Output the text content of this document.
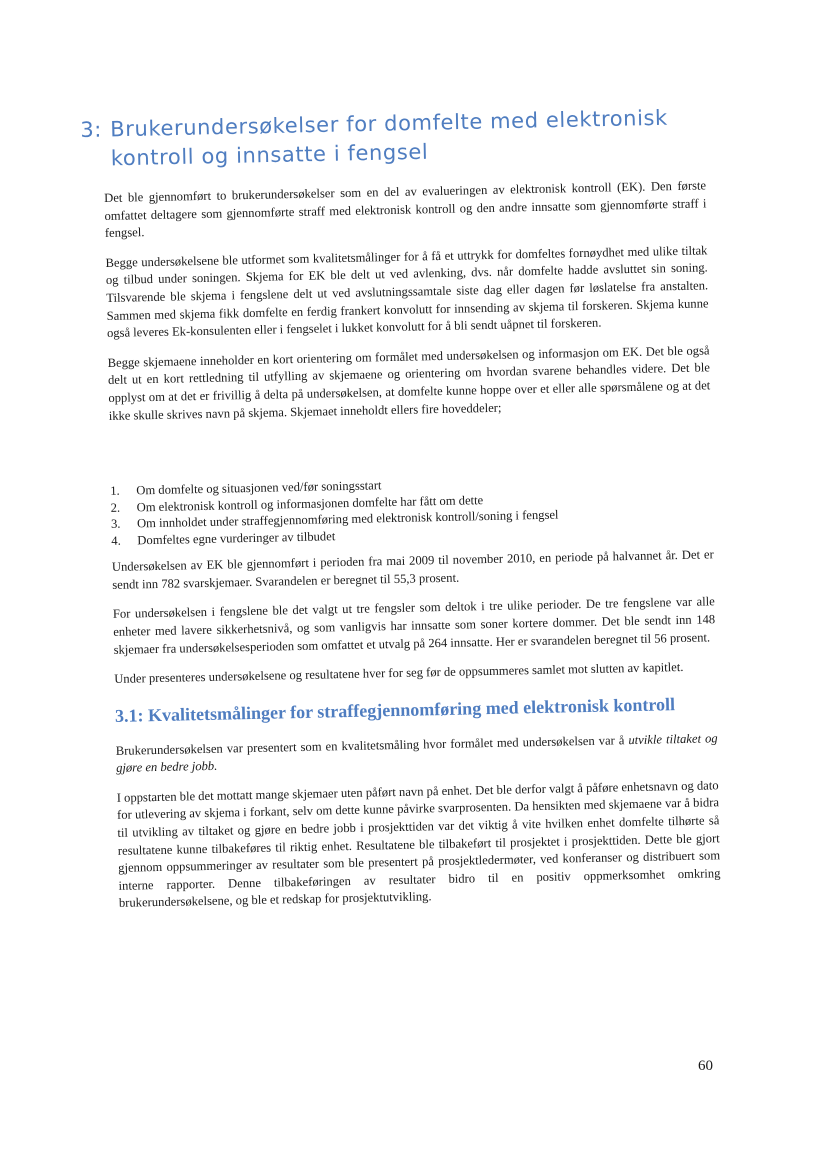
3: Brukerundersøkelser for domfelte med elektronisk
kontroll og innsatte i fengsel

Det ble gjennomført to brukerundersøkelser som en del av evalueringen av elektronisk kontroll (EK). Den første omfattet deltagere som gjennomførte straff med elektronisk kontroll og den andre innsatte som gjennomførte straff i fengsel.

Begge undersøkelsene ble utformet som kvalitetsmålinger for å få et uttrykk for domfeltes fornøydhet med ulike tiltak og tilbud under soningen. Skjema for EK ble delt ut ved avlenking, dvs. når domfelte hadde avsluttet sin soning. Tilsvarende ble skjema i fengslene delt ut ved avslutningssamtale siste dag eller dagen før løslatelse fra anstalten. Sammen med skjema fikk domfelte en ferdig frankert konvolutt for innsending av skjema til forskeren. Skjema kunne også leveres Ek-konsulenten eller i fengselet i lukket konvolutt for å bli sendt uåpnet til forskeren.

Begge skjemaene inneholder en kort orientering om formålet med undersøkelsen og informasjon om EK. Det ble også delt ut en kort rettledning til utfylling av skjemaene og orientering om hvordan svarene behandles videre. Det ble opplyst om at det er frivillig å delta på undersøkelsen, at domfelte kunne hoppe over et eller alle spørsmålene og at det ikke skulle skrives navn på skjema. Skjemaet inneholdt ellers fire hoveddeler;

1.	Om domfelte og situasjonen ved/før soningsstart
2.	Om elektronisk kontroll og informasjonen domfelte har fått om dette
3.	Om innholdet under straffegjennomføring med elektronisk kontroll/soning i fengsel
4.	Domfeltes egne vurderinger av tilbudet

Undersøkelsen av EK ble gjennomført i perioden fra mai 2009 til november 2010, en periode på halvannet år. Det er sendt inn 782 svarskjemaer. Svarandelen er beregnet til 55,3 prosent.

For undersøkelsen i fengslene ble det valgt ut tre fengsler som deltok i tre ulike perioder. De tre fengslene var alle enheter med lavere sikkerhetsnivå, og som vanligvis har innsatte som soner kortere dommer. Det ble sendt inn 148 skjemaer fra undersøkelsesperioden som omfattet et utvalg på 264 innsatte. Her er svarandelen beregnet til 56 prosent.

Under presenteres undersøkelsene og resultatene hver for seg før de oppsummeres samlet mot slutten av kapitlet.

3.1: Kvalitetsmålinger for straffegjennomføring med elektronisk kontroll

Brukerundersøkelsen var presentert som en kvalitetsmåling hvor formålet med undersøkelsen var å utvikle tiltaket og gjøre en bedre jobb.

I oppstarten ble det mottatt mange skjemaer uten påført navn på enhet. Det ble derfor valgt å påføre enhetsnavn og dato for utlevering av skjema i forkant, selv om dette kunne påvirke svarprosenten. Da hensikten med skjemaene var å bidra til utvikling av tiltaket og gjøre en bedre jobb i prosjekttiden var det viktig å vite hvilken enhet domfelte tilhørte så resultatene kunne tilbakeføres til riktig enhet. Resultatene ble tilbakeført til prosjektet i prosjekttiden. Dette ble gjort gjennom oppsummeringer av resultater som ble presentert på prosjektledermøter, ved konferanser og distribuert som interne rapporter. Denne tilbakeføringen av resultater bidro til en positiv oppmerksomhet omkring brukerundersøkelsene, og ble et redskap for prosjektutvikling.

60
